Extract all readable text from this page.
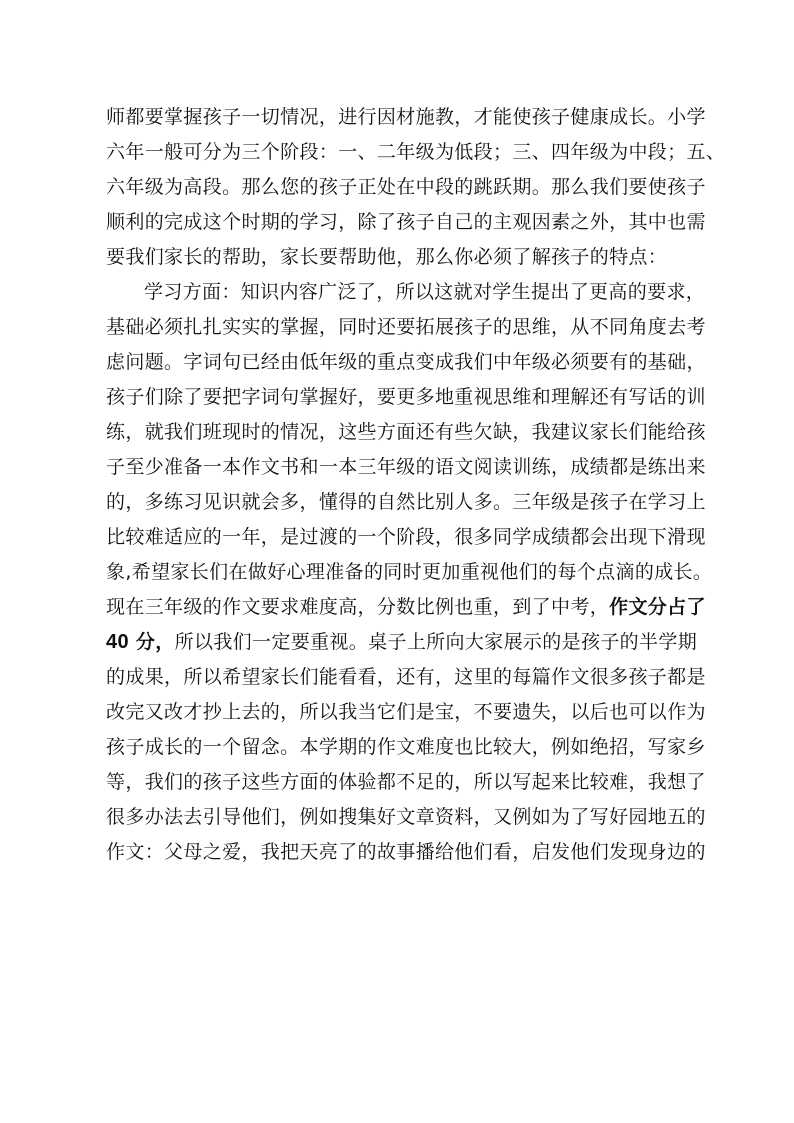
师都要掌握孩子一切情况，进行因材施教，才能使孩子健康成长。小学
六年一般可分为三个阶段：一、二年级为低段；三、四年级为中段；五、
六年级为高段。那么您的孩子正处在中段的跳跃期。那么我们要使孩子
顺利的完成这个时期的学习，除了孩子自己的主观因素之外，其中也需
要我们家长的帮助，家长要帮助他，那么你必须了解孩子的特点：
学习方面：知识内容广泛了，所以这就对学生提出了更高的要求，
基础必须扎扎实实的掌握，同时还要拓展孩子的思维，从不同角度去考
虑问题。字词句已经由低年级的重点变成我们中年级必须要有的基础，
孩子们除了要把字词句掌握好，要更多地重视思维和理解还有写话的训
练，就我们班现时的情况，这些方面还有些欠缺，我建议家长们能给孩
子至少准备一本作文书和一本三年级的语文阅读训练，成绩都是练出来
的，多练习见识就会多，懂得的自然比别人多。三年级是孩子在学习上
比较难适应的一年，是过渡的一个阶段，很多同学成绩都会出现下滑现
象,希望家长们在做好心理准备的同时更加重视他们的每个点滴的成长。
现在三年级的作文要求难度高，分数比例也重，到了中考，作文分占了
40 分，所以我们一定要重视。桌子上所向大家展示的是孩子的半学期
的成果，所以希望家长们能看看，还有，这里的每篇作文很多孩子都是
改完又改才抄上去的，所以我当它们是宝，不要遗失，以后也可以作为
孩子成长的一个留念。本学期的作文难度也比较大，例如绝招，写家乡
等，我们的孩子这些方面的体验都不足的，所以写起来比较难，我想了
很多办法去引导他们，例如搜集好文章资料，又例如为了写好园地五的
作文：父母之爱，我把天亮了的故事播给他们看，启发他们发现身边的
